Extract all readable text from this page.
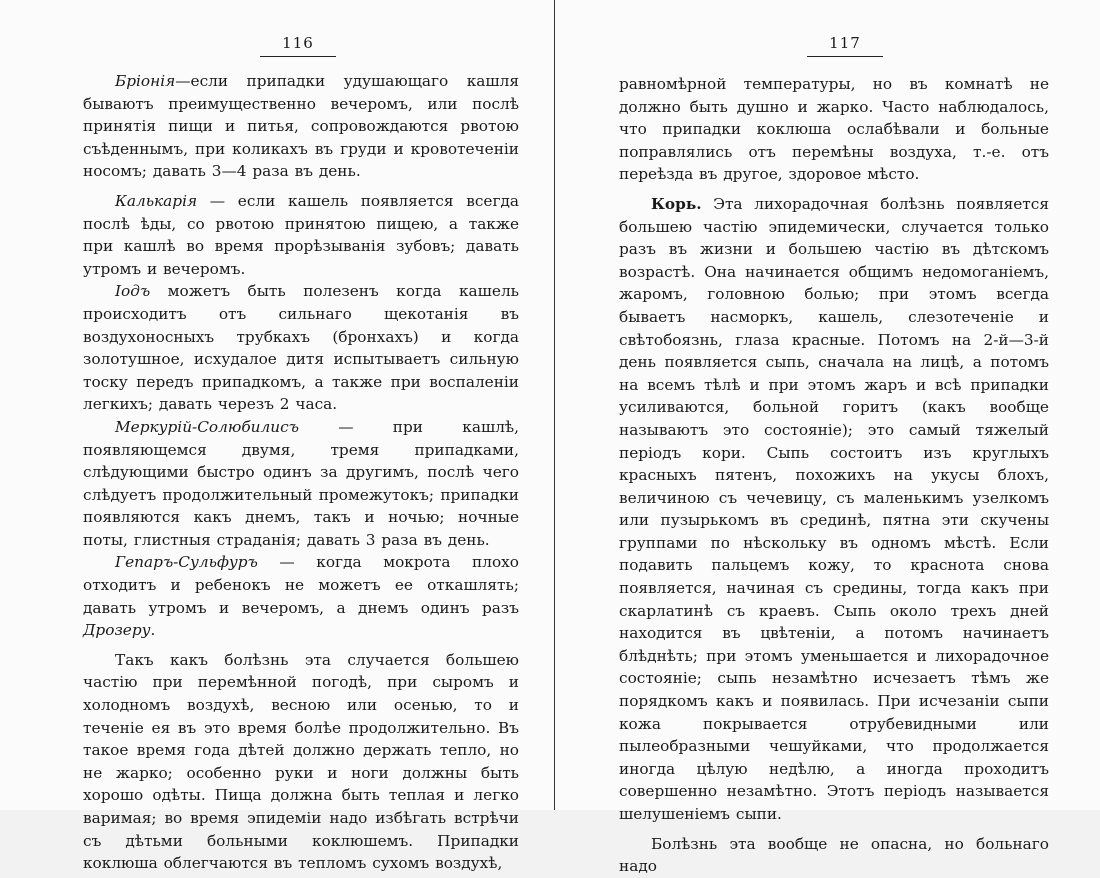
116

Бріонія—если припадки удушающаго кашля бываютъ преимущественно вечеромъ, или послѣ принятія пищи и питья, сопровождаются рвотою съѣденнымъ, при коликахъ въ груди и кровотеченіи носомъ; давать 3—4 раза въ день.

Калькарія — если кашель появляется всегда послѣ ѣды, со рвотою принятою пищею, а также при кашлѣ во время прорѣзыванія зубовъ; давать утромъ и вечеромъ.

Іодъ можетъ быть полезенъ когда кашель происходитъ отъ сильнаго щекотанія въ воздухоносныхъ трубкахъ (бронхахъ) и когда золотушное, исхудалое дитя испытываетъ сильную тоску передъ припадкомъ, а также при воспаленіи легкихъ; давать черезъ 2 часа.

Меркурій-Солюбилисъ — при кашлѣ, появляющемся двумя, тремя припадками, слѣдующими быстро одинъ за другимъ, послѣ чего слѣдуетъ продолжительный промежутокъ; припадки появляются какъ днемъ, такъ и ночью; ночные поты, глистныя страданія; давать 3 раза въ день.

Гепаръ-Сульфуръ — когда мокрота плохо отходитъ и ребенокъ не можетъ ее откашлять; давать утромъ и вечеромъ, а днемъ одинъ разъ Дрозеру.

Такъ какъ болѣзнь эта случается большею частію при перемѣнной погодѣ, при сыромъ и холодномъ воздухѣ, весною или осенью, то и теченіе ея въ это время болѣе продолжительно. Въ такое время года дѣтей должно держать тепло, но не жарко; особенно руки и ноги должны быть хорошо одѣты. Пища должна быть теплая и легко варимая; во время эпидеміи надо избѣгать встрѣчи съ дѣтьми больными коклюшемъ. Припадки коклюша облегчаются въ тепломъ сухомъ воздухѣ,

117

равномѣрной температуры, но въ комнатѣ не должно быть душно и жарко. Часто наблюдалось, что припадки коклюша ослабѣвали и больные поправлялись отъ перемѣны воздуха, т.-е. отъ переѣзда въ другое, здоровое мѣсто.

Корь. Эта лихорадочная болѣзнь появляется большею частію эпидемически, случается только разъ въ жизни и большею частію въ дѣтскомъ возрастѣ. Она начинается общимъ недомоганіемъ, жаромъ, головною болью; при этомъ всегда бываетъ насморкъ, кашель, слезотеченіе и свѣтобоязнь, глаза красные. Потомъ на 2-й—3-й день появляется сыпь, сначала на лицѣ, а потомъ на всемъ тѣлѣ и при этомъ жаръ и всѣ припадки усиливаются, больной горитъ (какъ вообще называютъ это состояніе); это самый тяжелый періодъ кори. Сыпь состоитъ изъ круглыхъ красныхъ пятенъ, похожихъ на укусы блохъ, величиною съ чечевицу, съ маленькимъ узелкомъ или пузырькомъ въ срединѣ, пятна эти скучены группами по нѣскольку въ одномъ мѣстѣ. Если подавить пальцемъ кожу, то краснота снова появляется, начиная съ средины, тогда какъ при скарлатинѣ съ краевъ. Сыпь около трехъ дней находится въ цвѣтеніи, а потомъ начинаетъ блѣднѣть; при этомъ уменьшается и лихорадочное состояніе; сыпь незамѣтно исчезаетъ тѣмъ же порядкомъ какъ и появилась. При исчезаніи сыпи кожа покрывается отрубевидными или пылеобразными чешуйками, что продолжается иногда цѣлую недѣлю, а иногда проходитъ совершенно незамѣтно. Этотъ періодъ называется шелушеніемъ сыпи.

Болѣзнь эта вообще не опасна, но больнаго надо
